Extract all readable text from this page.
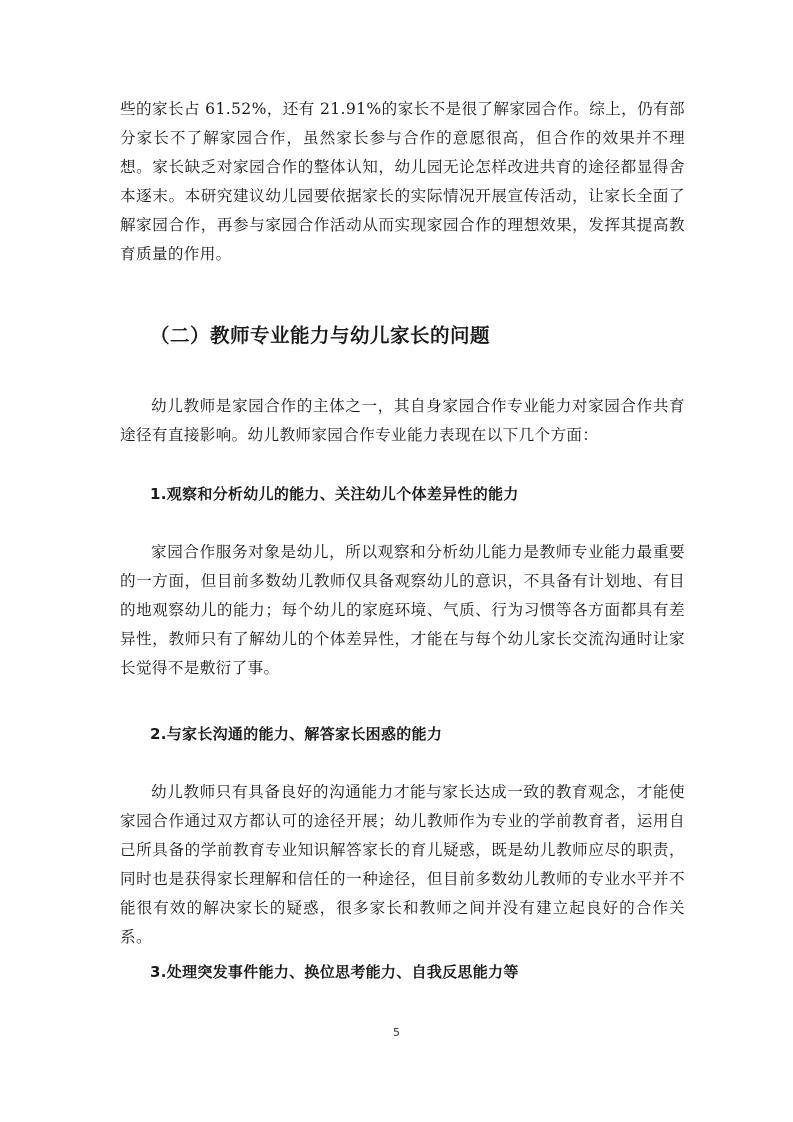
些的家长占 61.52%，还有 21.91%的家长不是很了解家园合作。综上，仍有部分家长不了解家园合作，虽然家长参与合作的意愿很高，但合作的效果并不理想。家长缺乏对家园合作的整体认知，幼儿园无论怎样改进共育的途径都显得舍本逐末。本研究建议幼儿园要依据家长的实际情况开展宣传活动，让家长全面了解家园合作，再参与家园合作活动从而实现家园合作的理想效果，发挥其提高教育质量的作用。

（二）教师专业能力与幼儿家长的问题

幼儿教师是家园合作的主体之一，其自身家园合作专业能力对家园合作共育途径有直接影响。幼儿教师家园合作专业能力表现在以下几个方面：

1.观察和分析幼儿的能力、关注幼儿个体差异性的能力

家园合作服务对象是幼儿，所以观察和分析幼儿能力是教师专业能力最重要的一方面，但目前多数幼儿教师仅具备观察幼儿的意识，不具备有计划地、有目的地观察幼儿的能力；每个幼儿的家庭环境、气质、行为习惯等各方面都具有差异性，教师只有了解幼儿的个体差异性，才能在与每个幼儿家长交流沟通时让家长觉得不是敷衍了事。

2.与家长沟通的能力、解答家长困惑的能力

幼儿教师只有具备良好的沟通能力才能与家长达成一致的教育观念，才能使家园合作通过双方都认可的途径开展；幼儿教师作为专业的学前教育者，运用自己所具备的学前教育专业知识解答家长的育儿疑惑，既是幼儿教师应尽的职责，同时也是获得家长理解和信任的一种途径，但目前多数幼儿教师的专业水平并不能很有效的解决家长的疑惑，很多家长和教师之间并没有建立起良好的合作关系。

3.处理突发事件能力、换位思考能力、自我反思能力等
5
